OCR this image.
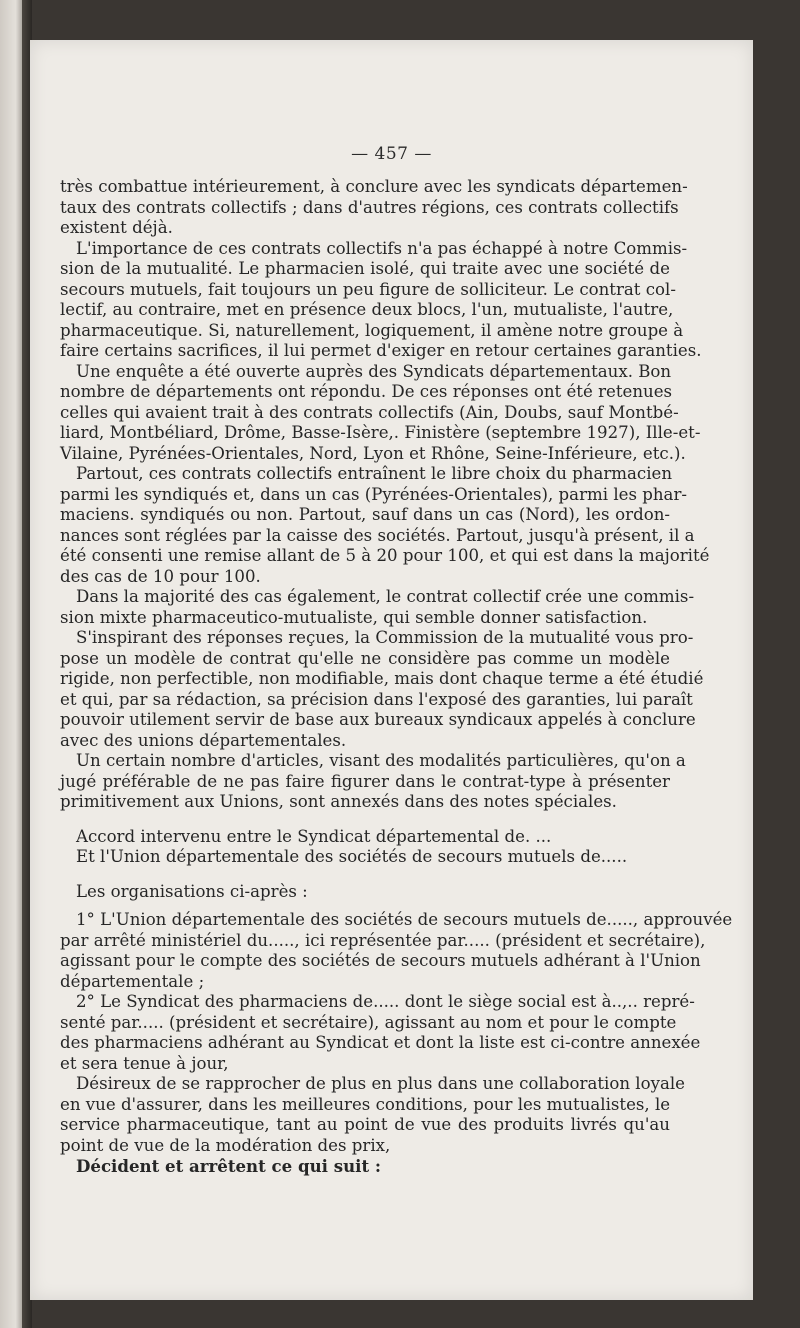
— 457 —
très combattue intérieurement, à conclure avec les syndicats départemen-
taux des contrats collectifs ; dans d'autres régions, ces contrats collectifs
existent déjà.
L'importance de ces contrats collectifs n'a pas échappé à notre Commis-
sion de la mutualité. Le pharmacien isolé, qui traite avec une société de
secours mutuels, fait toujours un peu figure de solliciteur. Le contrat col-
lectif, au contraire, met en présence deux blocs, l'un, mutualiste, l'autre,
pharmaceutique. Si, naturellement, logiquement, il amène notre groupe à
faire certains sacrifices, il lui permet d'exiger en retour certaines garanties.
Une enquête a été ouverte auprès des Syndicats départementaux. Bon
nombre de départements ont répondu. De ces réponses ont été retenues
celles qui avaient trait à des contrats collectifs (Ain, Doubs, sauf Montbé-
liard, Montbéliard, Drôme, Basse-Isère,. Finistère (septembre 1927), Ille-et-
Vilaine, Pyrénées-Orientales, Nord, Lyon et Rhône, Seine-Inférieure, etc.).
Partout, ces contrats collectifs entraînent le libre choix du pharmacien
parmi les syndiqués et, dans un cas (Pyrénées-Orientales), parmi les phar-
maciens. syndiqués ou non. Partout, sauf dans un cas (Nord), les ordon-
nances sont réglées par la caisse des sociétés. Partout, jusqu'à présent, il a
été consenti une remise allant de 5 à 20 pour 100, et qui est dans la majorité
des cas de 10 pour 100.
Dans la majorité des cas également, le contrat collectif crée une commis-
sion mixte pharmaceutico-mutualiste, qui semble donner satisfaction.
S'inspirant des réponses reçues, la Commission de la mutualité vous pro-
pose un modèle de contrat qu'elle ne considère pas comme un modèle
rigide, non perfectible, non modifiable, mais dont chaque terme a été étudié
et qui, par sa rédaction, sa précision dans l'exposé des garanties, lui paraît
pouvoir utilement servir de base aux bureaux syndicaux appelés à conclure
avec des unions départementales.
Un certain nombre d'articles, visant des modalités particulières, qu'on a
jugé préférable de ne pas faire figurer dans le contrat-type à présenter
primitivement aux Unions, sont annexés dans des notes spéciales.
Accord intervenu entre le Syndicat départemental de. ...
Et l'Union départementale des sociétés de secours mutuels de.....
Les organisations ci-après :
1° L'Union départementale des sociétés de secours mutuels de....., approuvée
par arrêté ministériel du....., ici représentée par..... (président et secrétaire),
agissant pour le compte des sociétés de secours mutuels adhérant à l'Union
départementale ;
2° Le Syndicat des pharmaciens de..... dont le siège social est à..,.. repré-
senté par..... (président et secrétaire), agissant au nom et pour le compte
des pharmaciens adhérant au Syndicat et dont la liste est ci-contre annexée
et sera tenue à jour,
Désireux de se rapprocher de plus en plus dans une collaboration loyale
en vue d'assurer, dans les meilleures conditions, pour les mutualistes, le
service pharmaceutique, tant au point de vue des produits livrés qu'au
point de vue de la modération des prix,
Décident et arrêtent ce qui suit :
